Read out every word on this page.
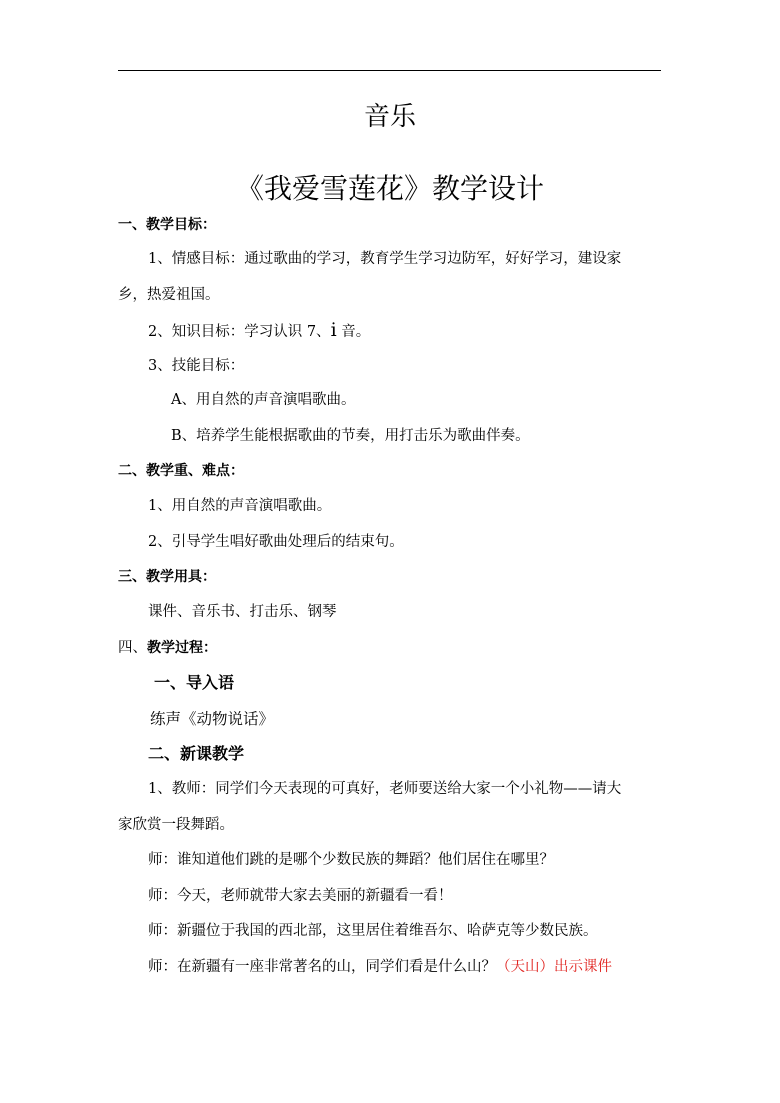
音乐
《我爱雪莲花》教学设计
一、教学目标：
1、情感目标：通过歌曲的学习，教育学生学习边防军，好好学习，建设家
乡，热爱祖国。
2、知识目标：学习认识 7、i 音。
3、技能目标：
A、用自然的声音演唱歌曲。
B、培养学生能根据歌曲的节奏，用打击乐为歌曲伴奏。
二、教学重、难点：
1、用自然的声音演唱歌曲。
2、引导学生唱好歌曲处理后的结束句。
三、教学用具：
课件、音乐书、打击乐、钢琴
四、教学过程：
一、导入语
练声《动物说话》
二、新课教学
1、教师：同学们今天表现的可真好，老师要送给大家一个小礼物——请大
家欣赏一段舞蹈。
师：谁知道他们跳的是哪个少数民族的舞蹈？他们居住在哪里？
师：今天，老师就带大家去美丽的新疆看一看！
师：新疆位于我国的西北部，这里居住着维吾尔、哈萨克等少数民族。
师：在新疆有一座非常著名的山，同学们看是什么山？（天山）出示课件
